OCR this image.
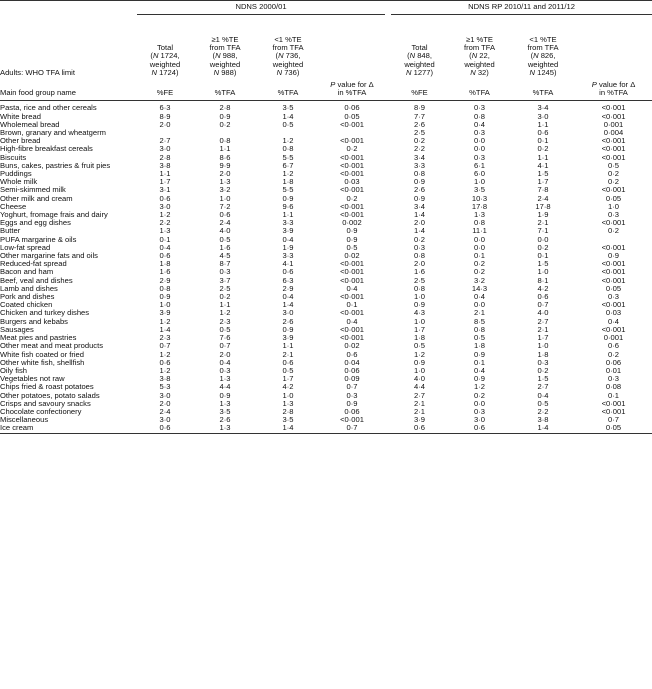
	NDNS 2000/01					NDNS RP 2010/11 and 2011/12			
Adults: WHO TFA limit	Total
(N 1724,
weighted
N 1724)	≥1 %TE
from TFA
(N 988,
weighted
N 988)	<1 %TE
from TFA
(N 736,
weighted
N 736)			Total
(N 848,
weighted
N 1277)	≥1 %TE
from TFA
(N 22,
weighted
N 32)	<1 %TE
from TFA
(N 826,
weighted
N 1245)	
Main food group name	%FE	%TFA	%TFA	P value for Δ
in %TFA		%FE	%TFA	%TFA	P value for Δ
in %TFA
Pasta, rice and other cereals	6·3	2·8	3·5	0·06		8·9	0·3	3·4	<0·001
White bread	8·9	0·9	1·4	0·05		7·7	0·8	3·0	<0·001
Wholemeal bread	2·0	0·2	0·5	<0·001		2·6	0·4	1·1	0·001
Brown, granary and wheatgerm						2·5	0·3	0·6	0·004
Other bread	2·7	0·8	1·2	<0·001		0·2	0·0	0·1	<0·001
High-fibre breakfast cereals	3·0	1·1	0·8	0·2		2·2	0·0	0·2	<0·001
Biscuits	2·8	8·6	5·5	<0·001		3·4	0·3	1·1	<0·001
Buns, cakes, pastries & fruit pies	3·8	9·9	6·7	<0·001		3·3	6·1	4·1	0·5
Puddings	1·1	2·0	1·2	<0·001		0·8	6·0	1·5	0·2
Whole milk	1·7	1·3	1·8	0·03		0·9	1·0	1·7	0·2
Semi-skimmed milk	3·1	3·2	5·5	<0·001		2·6	3·5	7·8	<0·001
Other milk and cream	0·6	1·0	0·9	0·2		0·9	10·3	2·4	0·05
Cheese	3·0	7·2	9·6	<0·001		3·4	17·8	17·8	1·0
Yoghurt, fromage frais and dairy	1·2	0·6	1·1	<0·001		1·4	1·3	1·9	0·3
Eggs and egg dishes	2·2	2·4	3·3	0·002		2·0	0·8	2·1	<0·001
Butter	1·3	4·0	3·9	0·9		1·4	11·1	7·1	0·2
PUFA margarine & oils	0·1	0·5	0·4	0·9		0·2	0·0	0·0	
Low-fat spread	0·4	1·6	1·9	0·5		0·3	0·0	0·2	<0·001
Other margarine fats and oils	0·6	4·5	3·3	0·02		0·8	0·1	0·1	0·9
Reduced-fat spread	1·8	8·7	4·1	<0·001		2·0	0·2	1·5	<0·001
Bacon and ham	1·6	0·3	0·6	<0·001		1·6	0·2	1·0	<0·001
Beef, veal and dishes	2·9	3·7	6·3	<0·001		2·5	3·2	8·1	<0·001
Lamb and dishes	0·8	2·5	2·9	0·4		0·8	14·3	4·2	0·05
Pork and dishes	0·9	0·2	0·4	<0·001		1·0	0·4	0·6	0·3
Coated chicken	1·0	1·1	1·4	0·1		0·9	0·0	0·7	<0·001
Chicken and turkey dishes	3·9	1·2	3·0	<0·001		4·3	2·1	4·0	0·03
Burgers and kebabs	1·2	2·3	2·6	0·4		1·0	8·5	2·7	0·4
Sausages	1·4	0·5	0·9	<0·001		1·7	0·8	2·1	<0·001
Meat pies and pastries	2·3	7·6	3·9	<0·001		1·8	0·5	1·7	0·001
Other meat and meat products	0·7	0·7	1·1	0·02		0·5	1·8	1·0	0·6
White fish coated or fried	1·2	2·0	2·1	0·6		1·2	0·9	1·8	0·2
Other white fish, shellfish	0·6	0·4	0·6	0·04		0·9	0·1	0·3	0·06
Oily fish	1·2	0·3	0·5	0·06		1·0	0·4	0·2	0·01
Vegetables not raw	3·8	1·3	1·7	0·09		4·0	0·9	1·5	0·3
Chips fried & roast potatoes	5·3	4·4	4·2	0·7		4·4	1·2	2·7	0·08
Other potatoes, potato salads	3·0	0·9	1·0	0·3		2·7	0·2	0·4	0·1
Crisps and savoury snacks	2·0	1·3	1·3	0·9		2·1	0·0	0·5	<0·001
Chocolate confectionery	2·4	3·5	2·8	0·06		2·1	0·3	2·2	<0·001
Miscellaneous	3·0	2·6	3·5	<0·001		3·9	3·0	3·8	0·7
Ice cream	0·6	1·3	1·4	0·7		0·6	0·6	1·4	0·05
